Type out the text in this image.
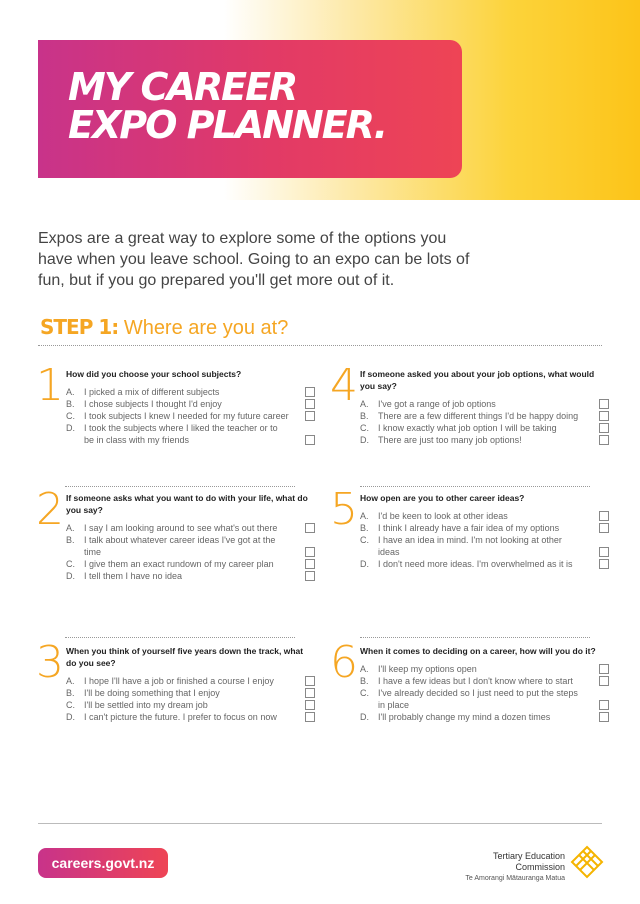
MY CAREER
EXPO PLANNER.

Expos are a great way to explore some of the options you have when you leave school. Going to an expo can be lots of fun, but if you go prepared you'll get more out of it.

STEP 1: Where are you at?
1 How did you choose your school subjects?
A.	I picked a mix of different subjects
B.	I chose subjects I thought I'd enjoy
C.	I took subjects I knew I needed for my future career
D.	I took the subjects where I liked the teacher or to be in class with my friends
2 If someone asks what you want to do with your life, what do you say?
A.	I say I am looking around to see what's out there
B.	I talk about whatever career ideas I've got at the time
C.	I give them an exact rundown of my career plan
D.	I tell them I have no idea
3 When you think of yourself five years down the track, what do you see?
A.	I hope I'll have a job or finished a course I enjoy
B.	I'll be doing something that I enjoy
C.	I'll be settled into my dream job
D.	I can't picture the future. I prefer to focus on now
4 If someone asked you about your job options, what would you say?
A.	I've got a range of job options
B.	There are a few different things I'd be happy doing
C.	I know exactly what job option I will be taking
D.	There are just too many job options!
5 How open are you to other career ideas?
A.	I'd be keen to look at other ideas
B.	I think I already have a fair idea of my options
C.	I have an idea in mind. I'm not looking at other ideas
D.	I don't need more ideas. I'm overwhelmed as it is
6 When it comes to deciding on a career, how will you do it?
A.	I'll keep my options open
B.	I have a few ideas but I don't know where to start
C.	I've already decided so I just need to put the steps in place
D.	I'll probably change my mind a dozen times
careers.govt.nz	Tertiary Education
Commission
Te Amorangi Mātauranga Matua
